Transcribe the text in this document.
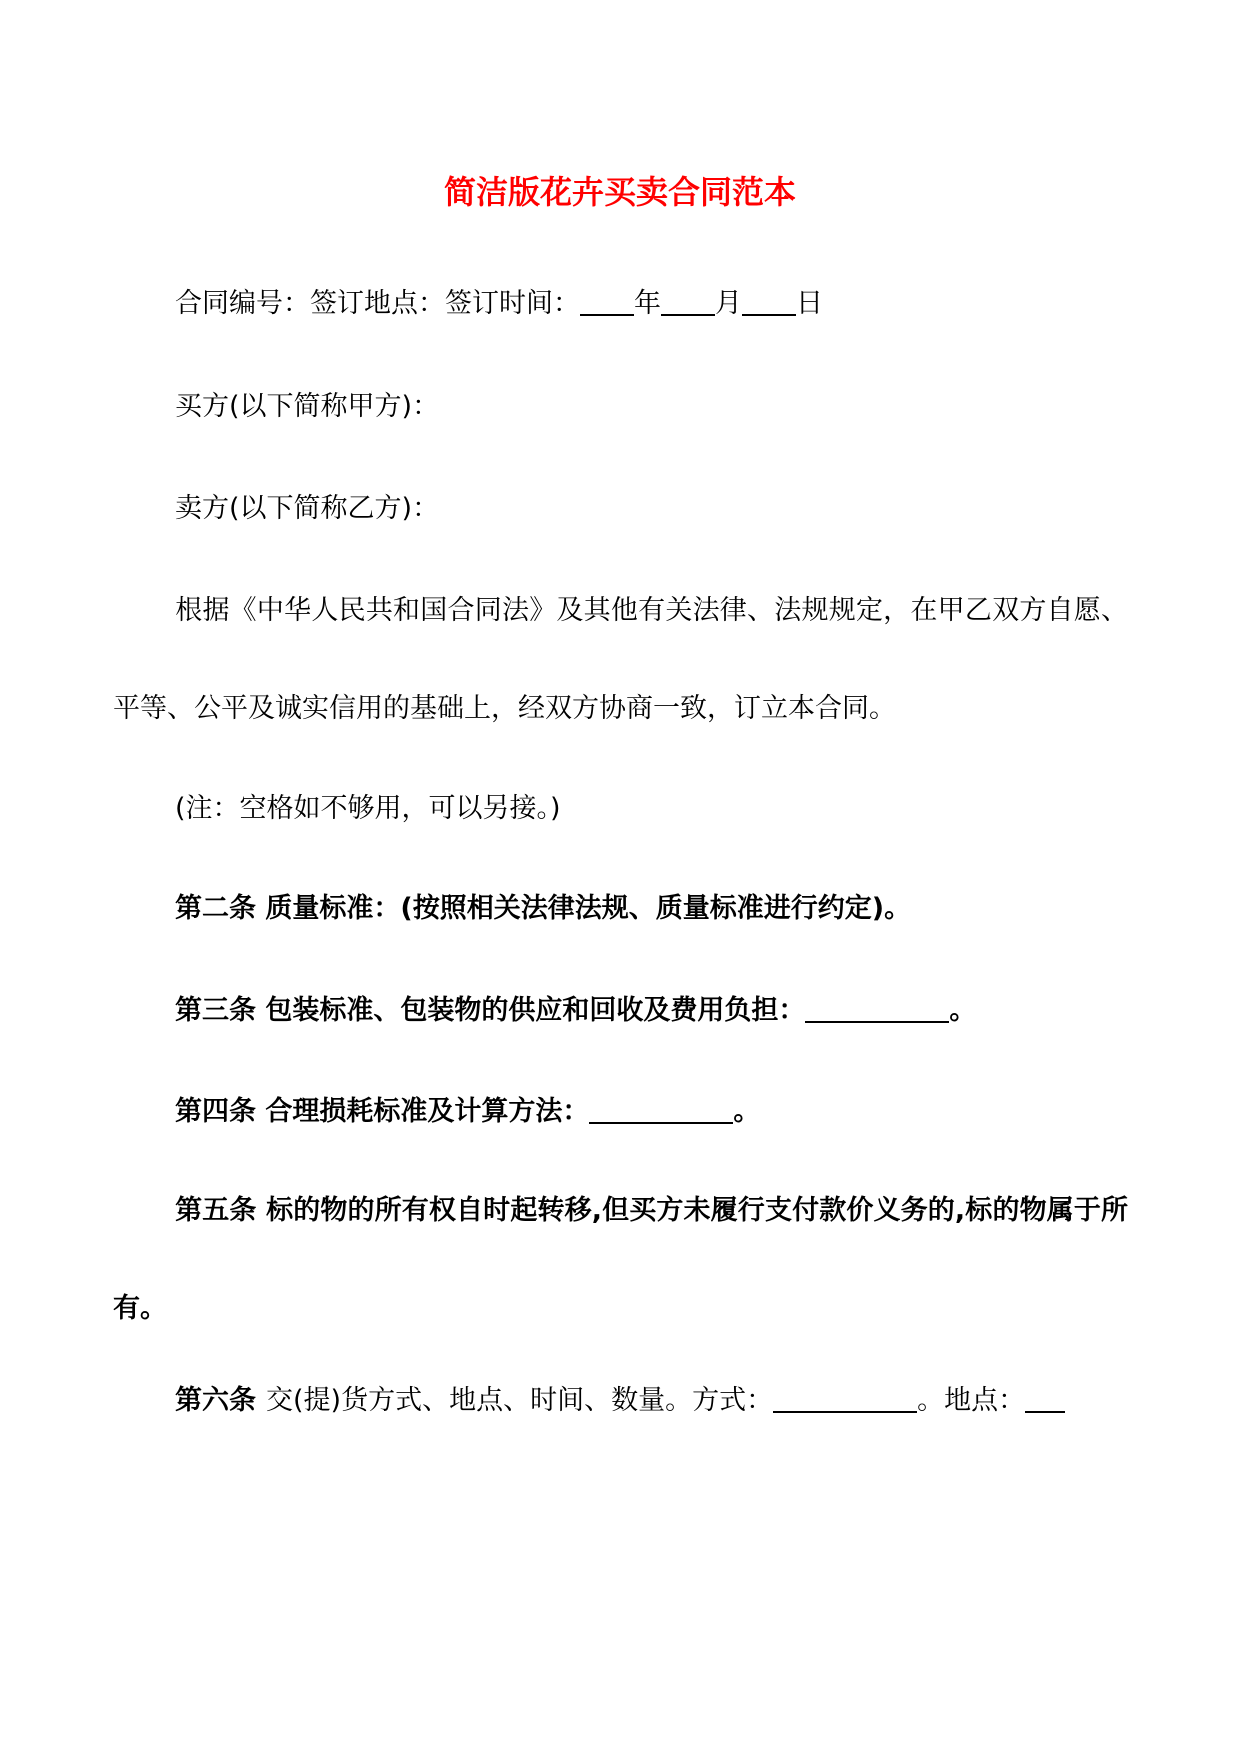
简洁版花卉买卖合同范本
合同编号：签订地点：签订时间： 年 月 日
买方(以下简称甲方)：
卖方(以下简称乙方)：
根据《中华人民共和国合同法》及其他有关法律、法规规定，在甲乙双方自愿、平等、公平及诚实信用的基础上，经双方协商一致，订立本合同。
(注：空格如不够用，可以另接。)
第二条 质量标准：(按照相关法律法规、质量标准进行约定)。
第三条 包装标准、包装物的供应和回收及费用负担：	。
第四条 合理损耗标准及计算方法：	。
第五条 标的物的所有权自时起转移,但买方未履行支付款价义务的,标的物属于所有。
第六条 交(提)货方式、地点、时间、数量。方式：	。地点：
